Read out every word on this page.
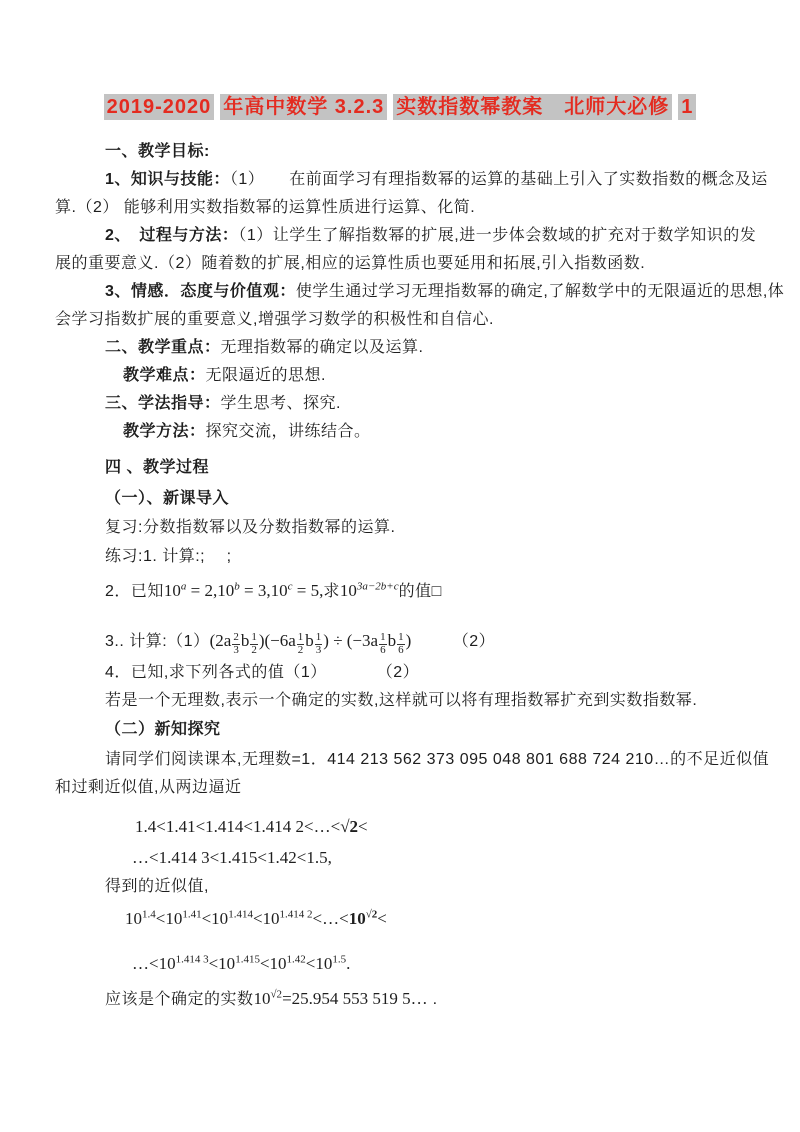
2019-2020 年高中数学 3.2.3 实数指数幂教案　北师大必修 1
一、教学目标:
1、知识与技能：（1）　　在前面学习有理指数幂的运算的基础上引入了实数指数的概念及运
算.（2） 能够利用实数指数幂的运算性质进行运算、化简.
2、　过程与方法：（1）让学生了解指数幂的扩展,进一步体会数域的扩充对于数学知识的发
展的重要意义.（2）随着数的扩展,相应的运算性质也要延用和拓展,引入指数函数.
3、情感．态度与价值观：使学生通过学习无理指数幂的确定,了解数学中的无限逼近的思想,体
会学习指数扩展的重要意义,增强学习数学的积极性和自信心.
二、教学重点：无理指数幂的确定以及运算.
教学难点：无限逼近的思想.
三、学法指导：学生思考、探究.
教学方法：探究交流，讲练结合。
四 、教学过程
（一）、新课导入
复习:分数指数幂以及分数指数幂的运算.
练习:1. 计算:;　 ;
2．已知$10^a = 2,10^b = 3,10^c = 5$,求$10^{3a-2b+c}$的值□
3.. 计算:（1）(2a $\frac{2}{3}$ b $\frac{1}{2} )(-6a \frac{1}{2}$ b $\frac{1}{3}$ ) ÷ ($-3a \frac{1}{6}$ b $\frac{1}{6}$ )　　　（2）
4．已知,求下列各式的值（1）　　　　（2）
若是一个无理数,表示一个确定的实数,这样就可以将有理指数幂扩充到实数指数幂.
（二）新知探究
请同学们阅读课本,无理数=1．414 213 562 373 095 048 801 688 724 210…的不足近似值
和过剩近似值,从两边逼近
1.4<1.41<1.414<1.414 2<…<√2<
…<1.414 3<1.415<1.42<1.5,
得到的近似值,
$10^{1.4}<10^{1.41}<10^{1.414}<10^{1.414 2}<\dots<10^{√2}<$
$\dots<10^{1.414 3}<10^{1.415}<10^{1.42}<10^{1.5}$.
应该是个确定的实数$10^{√2}=25.954$ 553 519 5… .
